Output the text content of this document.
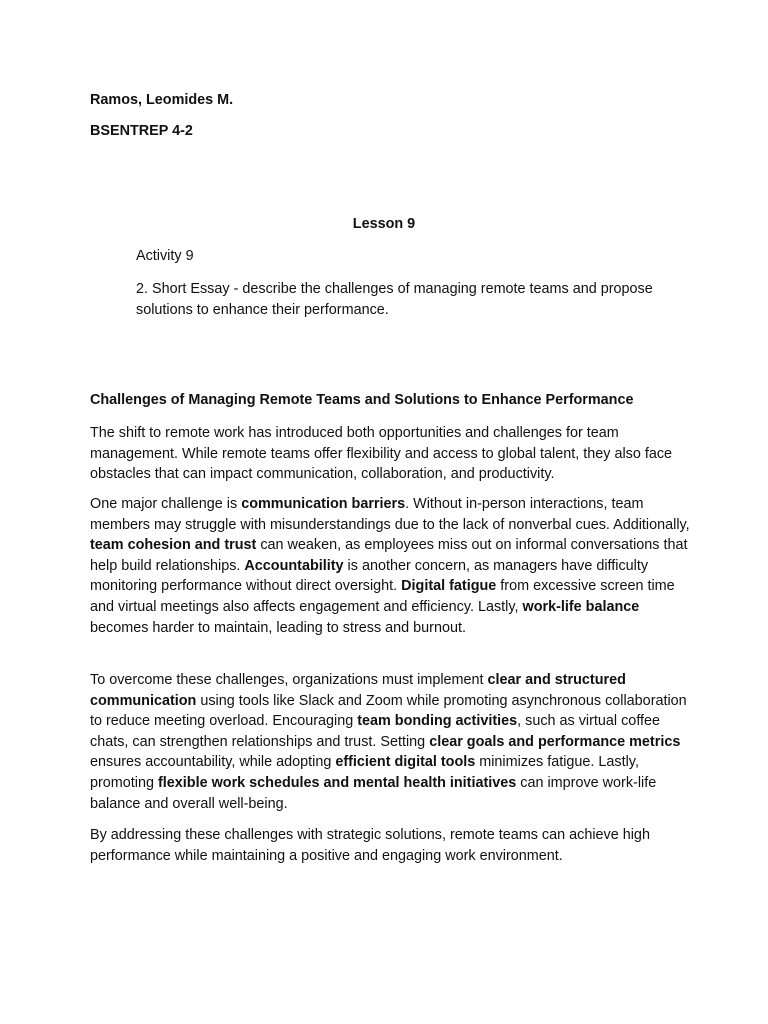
Ramos, Leomides M.

BSENTREP 4-2

Lesson 9

Activity 9

2. Short Essay - describe the challenges of managing remote teams and propose solutions to enhance their performance.

Challenges of Managing Remote Teams and Solutions to Enhance Performance

The shift to remote work has introduced both opportunities and challenges for team management. While remote teams offer flexibility and access to global talent, they also face obstacles that can impact communication, collaboration, and productivity.

One major challenge is communication barriers. Without in-person interactions, team members may struggle with misunderstandings due to the lack of nonverbal cues. Additionally, team cohesion and trust can weaken, as employees miss out on informal conversations that help build relationships. Accountability is another concern, as managers have difficulty monitoring performance without direct oversight. Digital fatigue from excessive screen time and virtual meetings also affects engagement and efficiency. Lastly, work-life balance becomes harder to maintain, leading to stress and burnout.

To overcome these challenges, organizations must implement clear and structured communication using tools like Slack and Zoom while promoting asynchronous collaboration to reduce meeting overload. Encouraging team bonding activities, such as virtual coffee chats, can strengthen relationships and trust. Setting clear goals and performance metrics ensures accountability, while adopting efficient digital tools minimizes fatigue. Lastly, promoting flexible work schedules and mental health initiatives can improve work-life balance and overall well-being.

By addressing these challenges with strategic solutions, remote teams can achieve high performance while maintaining a positive and engaging work environment.
